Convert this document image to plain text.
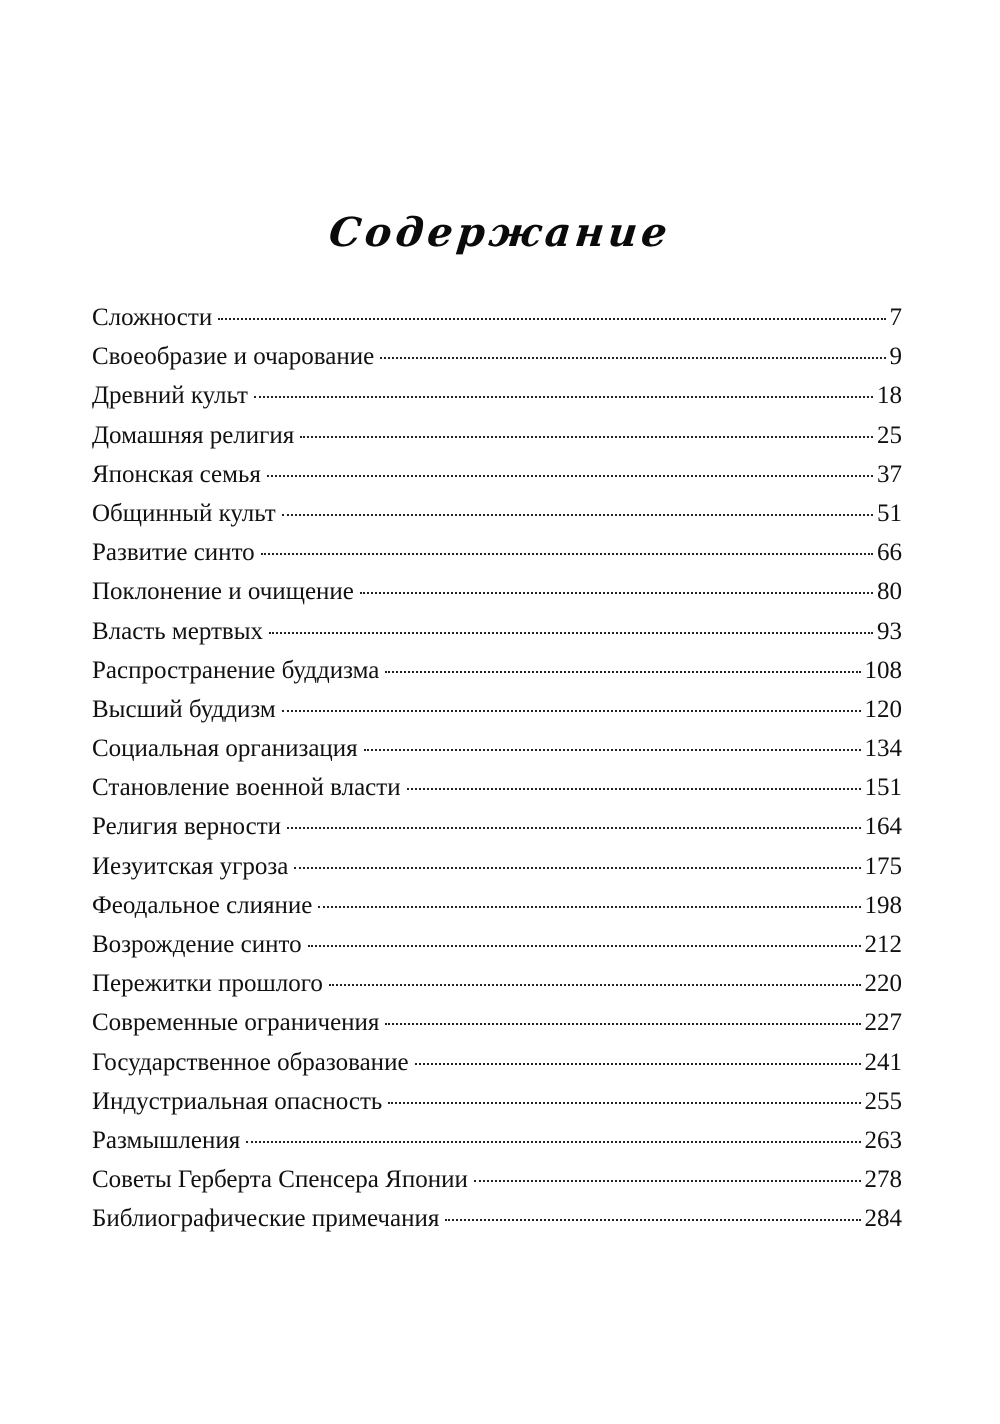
Содержание
Сложности	7
Своеобразие и очарование	9
Древний культ	18
Домашняя религия	25
Японская семья	37
Общинный культ	51
Развитие синто	66
Поклонение и очищение	80
Власть мертвых	93
Распространение буддизма	108
Высший буддизм	120
Социальная организация	134
Становление военной власти	151
Религия верности	164
Иезуитская угроза	175
Феодальное слияние	198
Возрождение синто	212
Пережитки прошлого	220
Современные ограничения	227
Государственное образование	241
Индустриальная опасность	255
Размышления	263
Советы Герберта Спенсера Японии	278
Библиографические примечания	284
